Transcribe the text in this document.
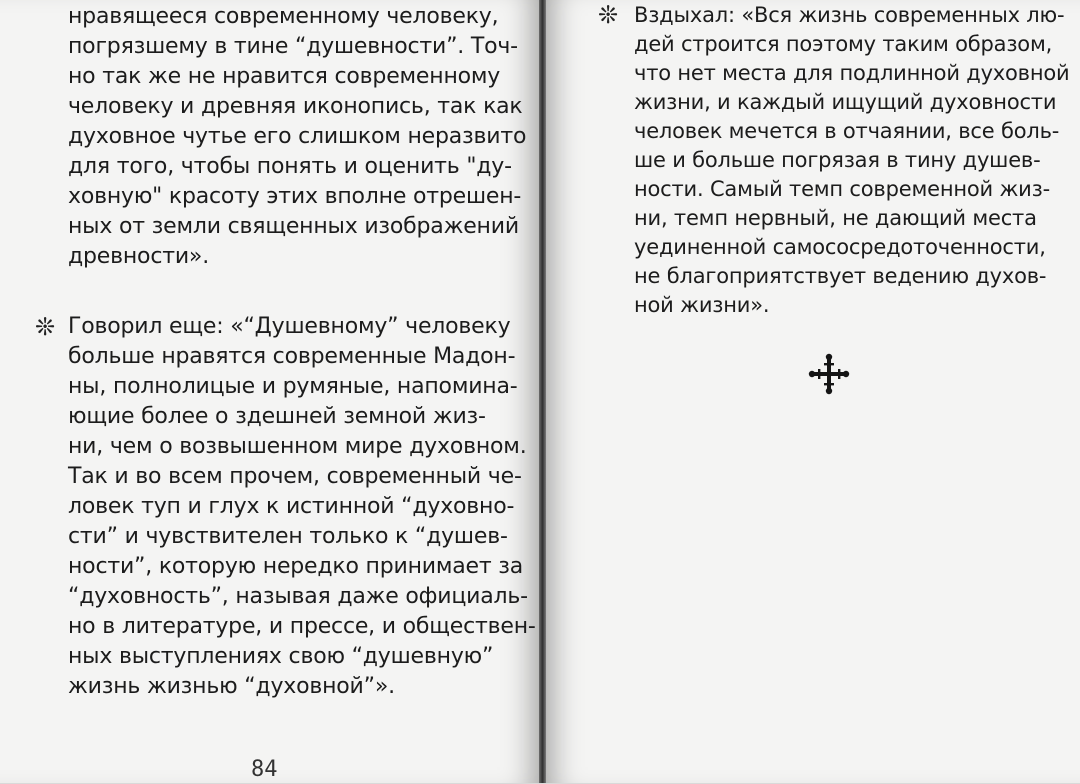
нравящееся современному человеку,
погрязшему в тине “душевности”. Точ-
но так же не нравится современному
человеку и древняя иконопись, так как
духовное чутье его слишком неразвито
для того, чтобы понять и оценить "ду-
ховную" красоту этих вполне отрешен-
ных от земли священных изображений
древности».
❊ Говорил еще: «“Душевному” человеку
больше нравятся современные Мадон-
ны, полнолицые и румяные, напомина-
ющие более о здешней земной жиз-
ни, чем о возвышенном мире духовном.
Так и во всем прочем, современный че-
ловек туп и глух к истинной “духовно-
сти” и чувствителен только к “душев-
ности”, которую нередко принимает за
“духовность”, называя даже официаль-
но в литературе, и прессе, и обществен-
ных выступлениях свою “душевную”
жизнь жизнью “духовной”».
84
❊ Вздыхал: «Вся жизнь современных лю-
дей строится поэтому таким образом,
что нет места для подлинной духовной
жизни, и каждый ищущий духовности
человек мечется в отчаянии, все боль-
ше и больше погрязая в тину душев-
ности. Самый темп современной жиз-
ни, темп нервный, не дающий места
уединенной самососредоточенности,
не благоприятствует ведению духов-
ной жизни».
